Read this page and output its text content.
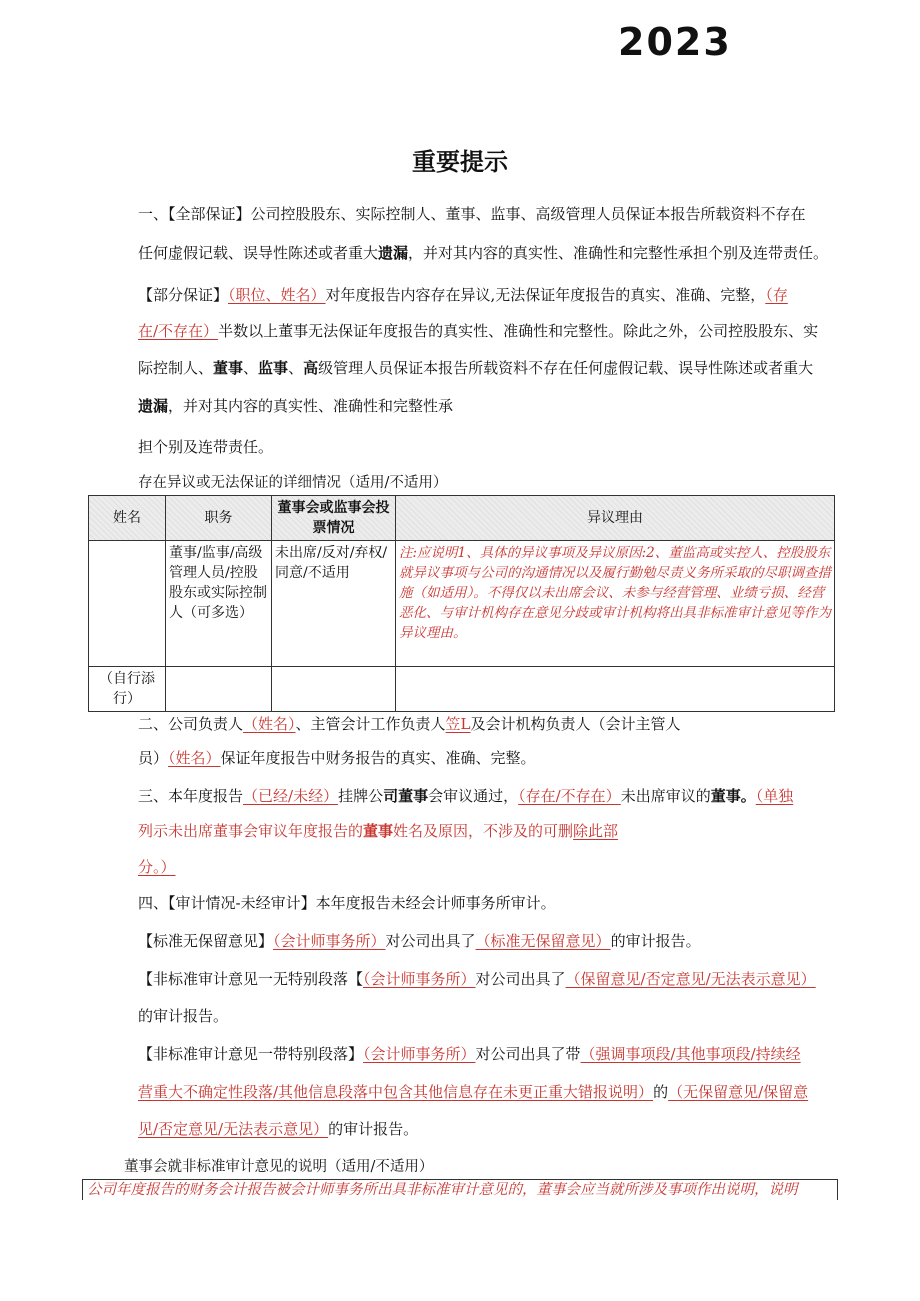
2023
重要提示
一、【全部保证】公司控股股东、实际控制人、董事、监事、高级管理人员保证本报告所载资料不存在
任何虚假记载、误导性陈述或者重大遗漏，并对其内容的真实性、准确性和完整性承担个别及连带责任。
【部分保证】（职位、姓名）对年度报告内容存在异议,无法保证年度报告的真实、准确、完整，（存
在/不存在）半数以上董事无法保证年度报告的真实性、准确性和完整性。除此之外，公司控股股东、实
际控制人、董事、监事、高级管理人员保证本报告所载资料不存在任何虚假记载、误导性陈述或者重大
遗漏，并对其内容的真实性、准确性和完整性承
担个别及连带责任。
存在异议或无法保证的详细情况（适用/不适用）
姓名	职务	董事会或监事会投票情况	异议理由
	董事/监事/高级管理人员/控股股东或实际控制人（可多选）	未出席/反对/弃权/同意/不适用	注:应说明1、具体的异议事项及异议原因:2、董监高或实控人、控股股东就异议事项与公司的沟通情况以及履行勤勉尽责义务所采取的尽职调查措施（如适用）。不得仅以未出席会议、未参与经营管理、业绩亏损、经营恶化、与审计机构存在意见分歧或审计机构将出具非标准审计意见等作为异议理由。
（自行添行）			
二、公司负责人（姓名）、主管会计工作负责人笠L及会计机构负责人（会计主管人
员）（姓名）保证年度报告中财务报告的真实、准确、完整。
三、本年度报告（已经/未经）挂牌公司董事会审议通过，（存在/不存在）未出席审议的董事。（单独
列示未出席董事会审议年度报告的董事姓名及原因，不涉及的可删除此部
分。）
四、【审计情况-未经审计】本年度报告未经会计师事务所审计。
【标准无保留意见】（会计师事务所）对公司出具了（标准无保留意见）的审计报告。
【非标准审计意见一无特别段落【（会计师事务所）对公司出具了（保留意见/否定意见/无法表示意见）
的审计报告。
【非标准审计意见一带特别段落】（会计师事务所）对公司出具了带（强调事项段/其他事项段/持续经
营重大不确定性段落/其他信息段落中包含其他信息存在未更正重大错报说明）的（无保留意见/保留意
见/否定意见/无法表示意见）的审计报告。
董事会就非标准审计意见的说明（适用/不适用）
公司年度报告的财务会计报告被会计师事务所出具非标准审计意见的，董事会应当就所涉及事项作出说明，说明
